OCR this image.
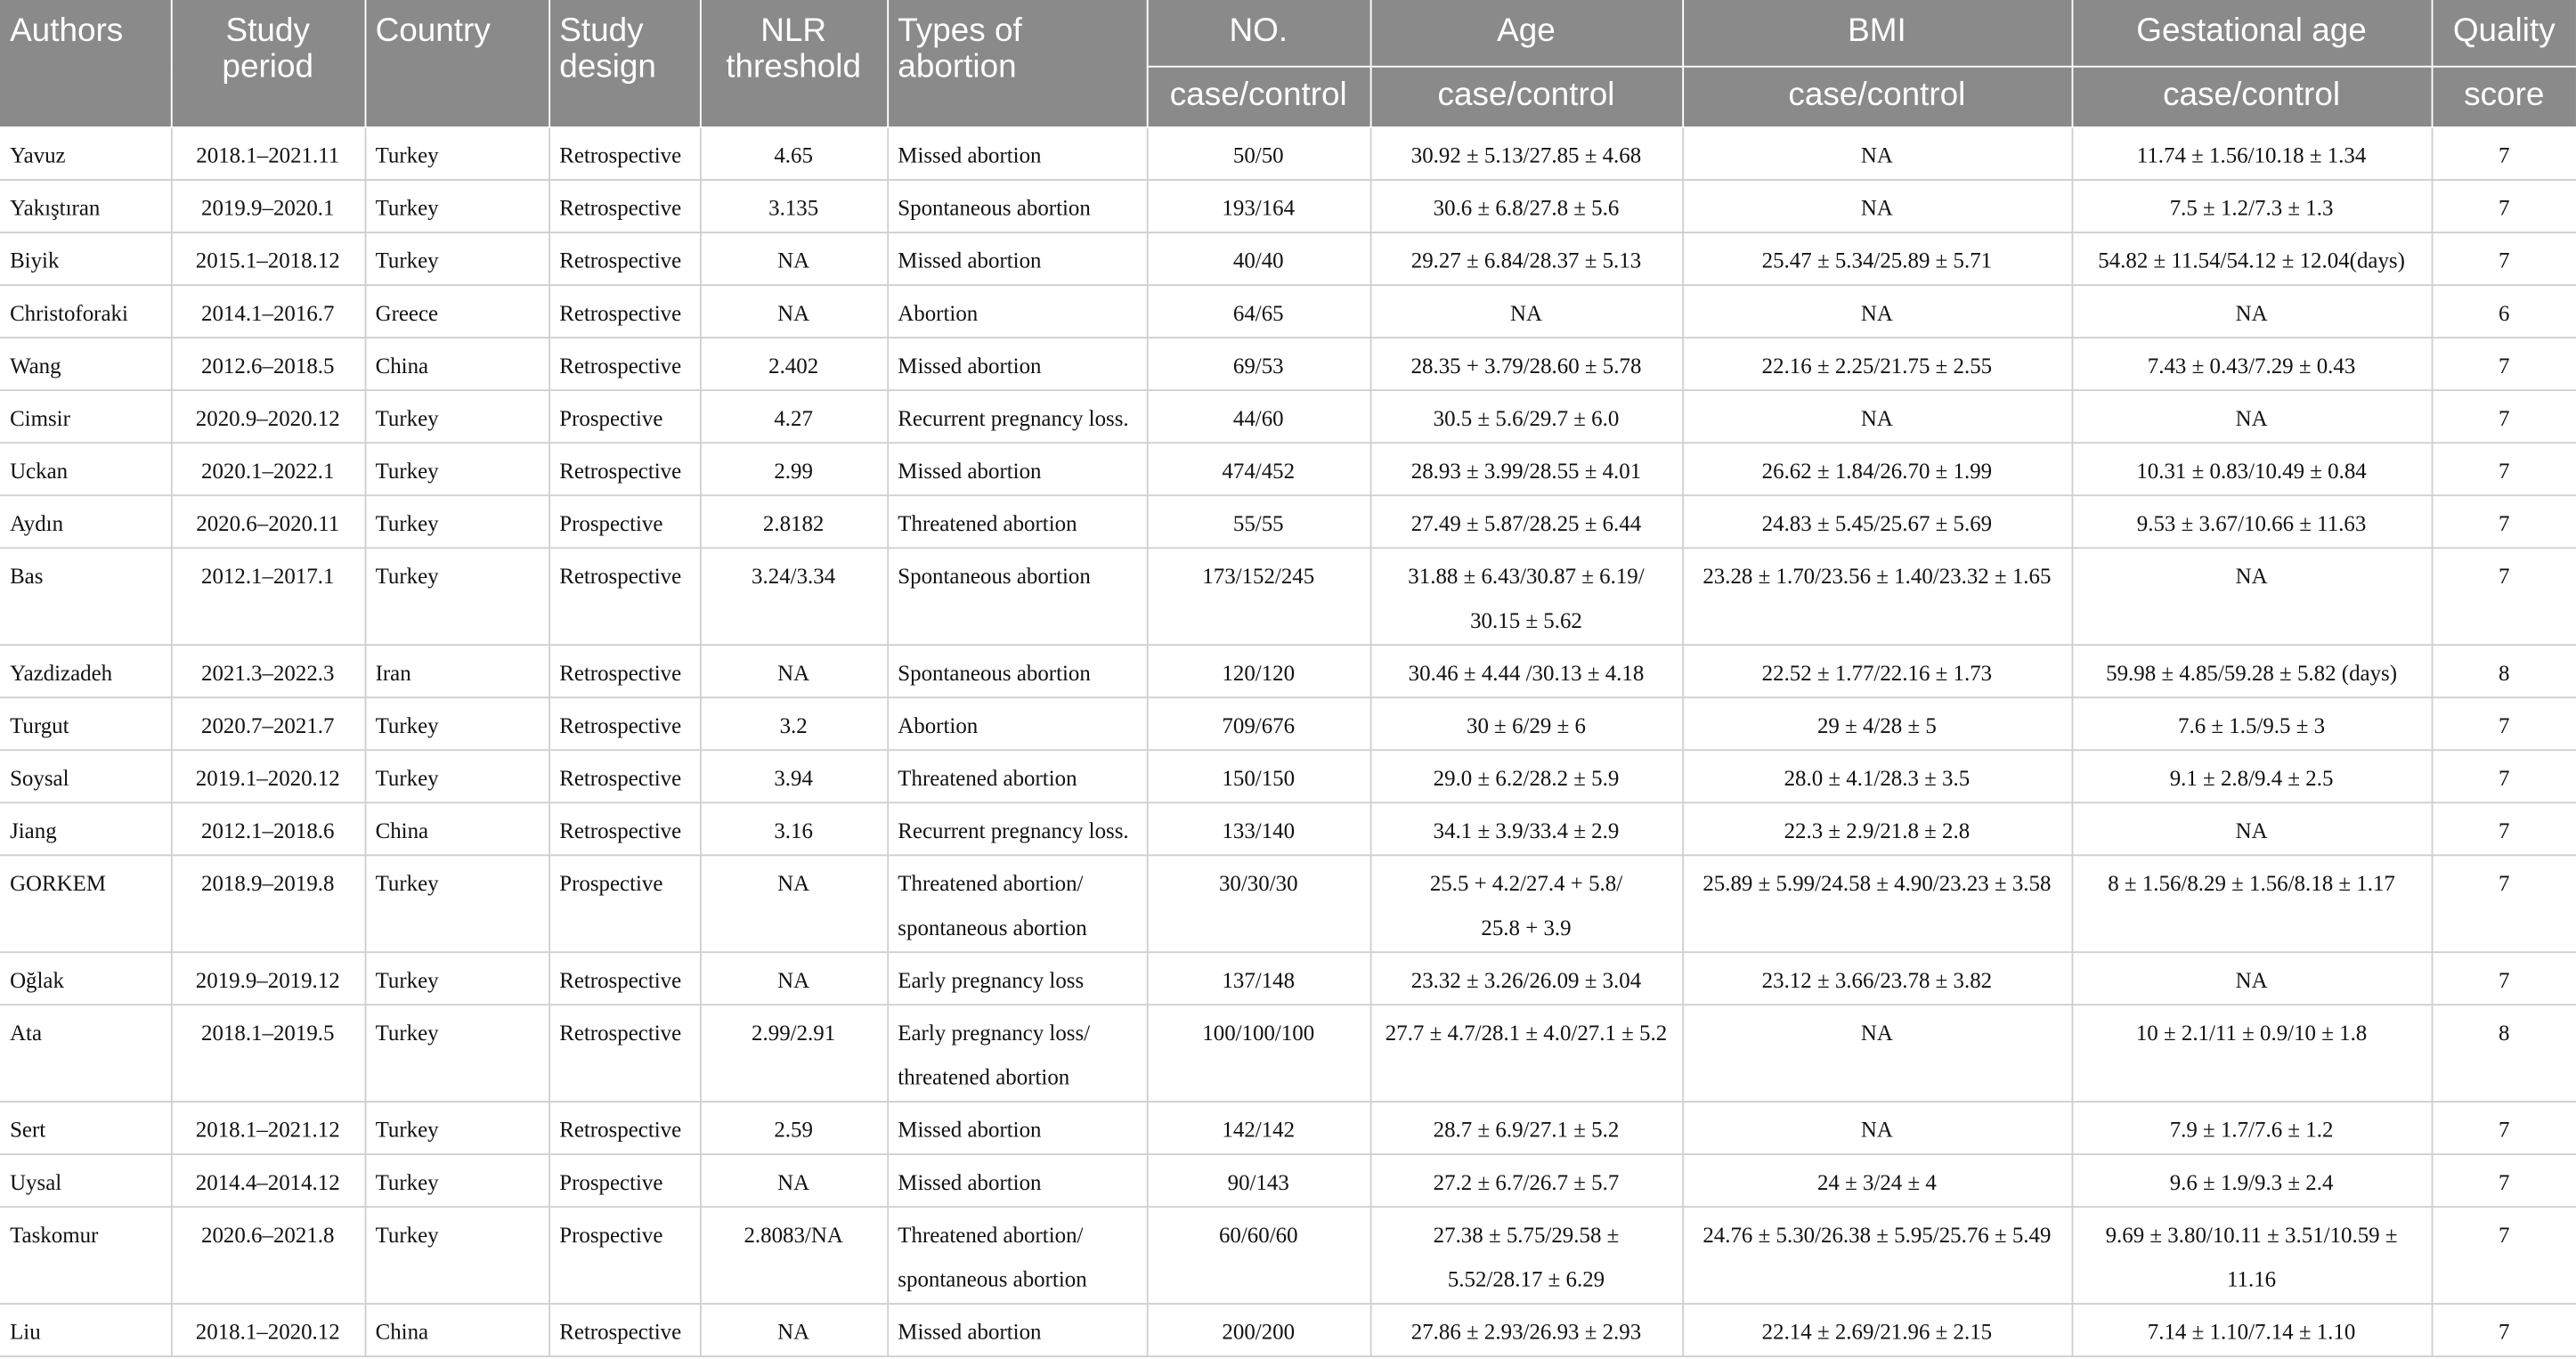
Authors	Study period	Country	Study design	NLR threshold	Types of abortion	NO.	Age	BMI	Gestational age	Quality
						case/control	case/control	case/control	case/control	score
Yavuz	2018.1–2021.11	Turkey	Retrospective	4.65	Missed abortion	50/50	30.92 ± 5.13/27.85 ± 4.68	NA	11.74 ± 1.56/10.18 ± 1.34	7
Yakıştıran	2019.9–2020.1	Turkey	Retrospective	3.135	Spontaneous abortion	193/164	30.6 ± 6.8/27.8 ± 5.6	NA	7.5 ± 1.2/7.3 ± 1.3	7
Biyik	2015.1–2018.12	Turkey	Retrospective	NA	Missed abortion	40/40	29.27 ± 6.84/28.37 ± 5.13	25.47 ± 5.34/25.89 ± 5.71	54.82 ± 11.54/54.12 ± 12.04(days)	7
Christoforaki	2014.1–2016.7	Greece	Retrospective	NA	Abortion	64/65	NA	NA	NA	6
Wang	2012.6–2018.5	China	Retrospective	2.402	Missed abortion	69/53	28.35 + 3.79/28.60 ± 5.78	22.16 ± 2.25/21.75 ± 2.55	7.43 ± 0.43/7.29 ± 0.43	7
Cimsir	2020.9–2020.12	Turkey	Prospective	4.27	Recurrent pregnancy loss.	44/60	30.5 ± 5.6/29.7 ± 6.0	NA	NA	7
Uckan	2020.1–2022.1	Turkey	Retrospective	2.99	Missed abortion	474/452	28.93 ± 3.99/28.55 ± 4.01	26.62 ± 1.84/26.70 ± 1.99	10.31 ± 0.83/10.49 ± 0.84	7
Aydın	2020.6–2020.11	Turkey	Prospective	2.8182	Threatened abortion	55/55	27.49 ± 5.87/28.25 ± 6.44	24.83 ± 5.45/25.67 ± 5.69	9.53 ± 3.67/10.66 ± 11.63	7
Bas	2012.1–2017.1	Turkey	Retrospective	3.24/3.34	Spontaneous abortion	173/152/245	31.88 ± 6.43/30.87 ± 6.19/
30.15 ± 5.62	23.28 ± 1.70/23.56 ± 1.40/23.32 ± 1.65	NA	7
Yazdizadeh	2021.3–2022.3	Iran	Retrospective	NA	Spontaneous abortion	120/120	30.46 ± 4.44 /30.13 ± 4.18	22.52 ± 1.77/22.16 ± 1.73	59.98 ± 4.85/59.28 ± 5.82 (days)	8
Turgut	2020.7–2021.7	Turkey	Retrospective	3.2	Abortion	709/676	30 ± 6/29 ± 6	29 ± 4/28 ± 5	7.6 ± 1.5/9.5 ± 3	7
Soysal	2019.1–2020.12	Turkey	Retrospective	3.94	Threatened abortion	150/150	29.0 ± 6.2/28.2 ± 5.9	28.0 ± 4.1/28.3 ± 3.5	9.1 ± 2.8/9.4 ± 2.5	7
Jiang	2012.1–2018.6	China	Retrospective	3.16	Recurrent pregnancy loss.	133/140	34.1 ± 3.9/33.4 ± 2.9	22.3 ± 2.9/21.8 ± 2.8	NA	7
GORKEM	2018.9–2019.8	Turkey	Prospective	NA	Threatened abortion/
spontaneous abortion	30/30/30	25.5 + 4.2/27.4 + 5.8/
25.8 + 3.9	25.89 ± 5.99/24.58 ± 4.90/23.23 ± 3.58	8 ± 1.56/8.29 ± 1.56/8.18 ± 1.17	7
Oğlak	2019.9–2019.12	Turkey	Retrospective	NA	Early pregnancy loss	137/148	23.32 ± 3.26/26.09 ± 3.04	23.12 ± 3.66/23.78 ± 3.82	NA	7
Ata	2018.1–2019.5	Turkey	Retrospective	2.99/2.91	Early pregnancy loss/
threatened abortion	100/100/100	27.7 ± 4.7/28.1 ± 4.0/27.1 ± 5.2	NA	10 ± 2.1/11 ± 0.9/10 ± 1.8	8
Sert	2018.1–2021.12	Turkey	Retrospective	2.59	Missed abortion	142/142	28.7 ± 6.9/27.1 ± 5.2	NA	7.9 ± 1.7/7.6 ± 1.2	7
Uysal	2014.4–2014.12	Turkey	Prospective	NA	Missed abortion	90/143	27.2 ± 6.7/26.7 ± 5.7	24 ± 3/24 ± 4	9.6 ± 1.9/9.3 ± 2.4	7
Taskomur	2020.6–2021.8	Turkey	Prospective	2.8083/NA	Threatened abortion/
spontaneous abortion	60/60/60	27.38 ± 5.75/29.58 ±
5.52/28.17 ± 6.29	24.76 ± 5.30/26.38 ± 5.95/25.76 ± 5.49	9.69 ± 3.80/10.11 ± 3.51/10.59 ± 11.16	7
Liu	2018.1–2020.12	China	Retrospective	NA	Missed abortion	200/200	27.86 ± 2.93/26.93 ± 2.93	22.14 ± 2.69/21.96 ± 2.15	7.14 ± 1.10/7.14 ± 1.10	7
